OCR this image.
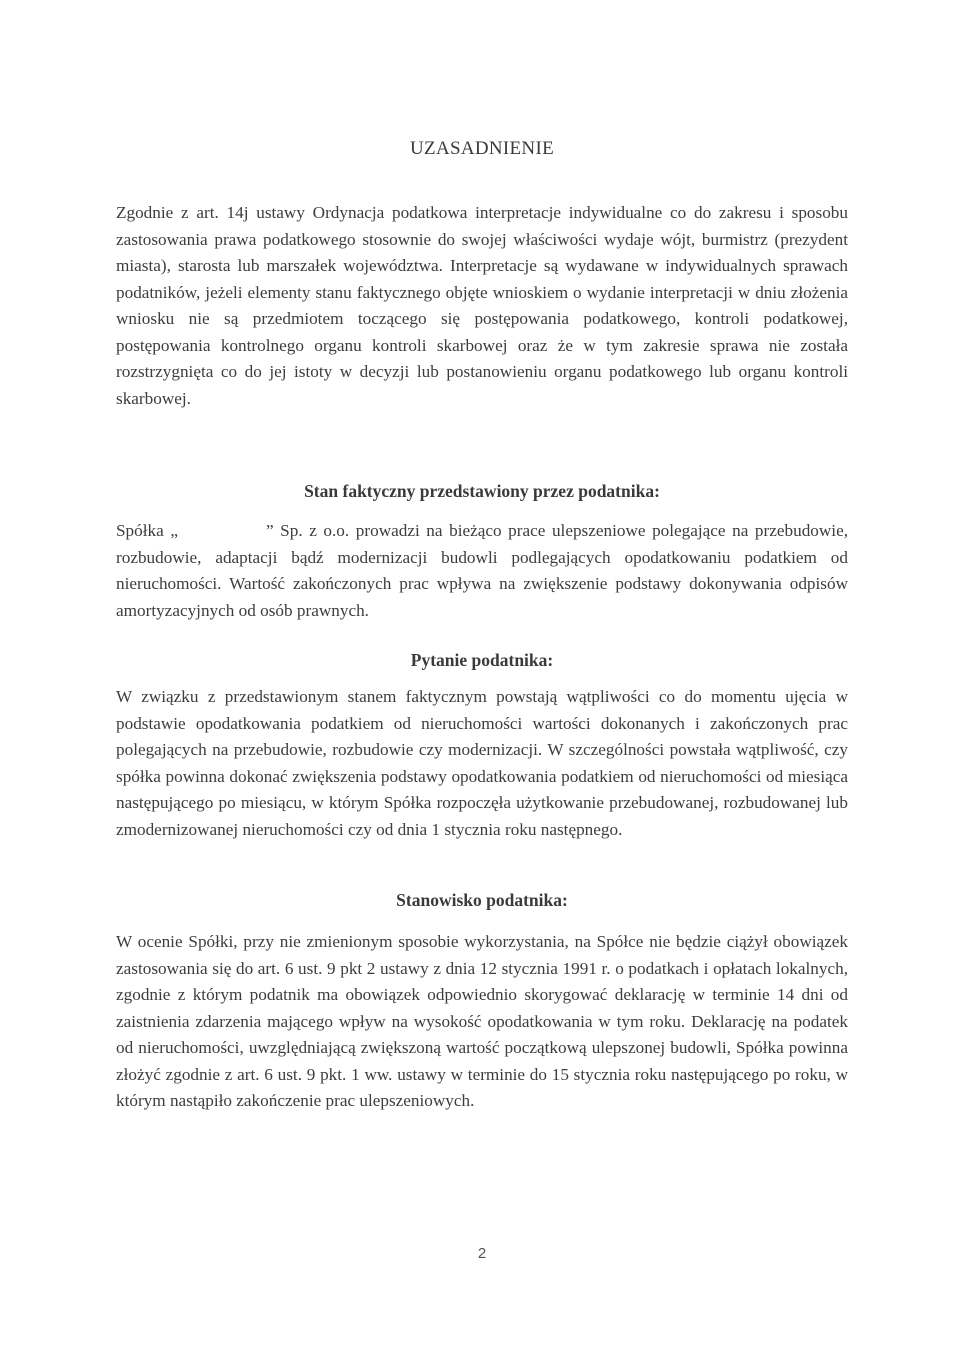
UZASADNIENIE

Zgodnie z art. 14j ustawy Ordynacja podatkowa interpretacje indywidualne co do zakresu i sposobu zastosowania prawa podatkowego stosownie do swojej właściwości wydaje wójt, burmistrz (prezydent miasta), starosta lub marszałek województwa. Interpretacje są wydawane w indywidualnych sprawach podatników, jeżeli elementy stanu faktycznego objęte wnioskiem o wydanie interpretacji w dniu złożenia wniosku nie są przedmiotem toczącego się postępowania podatkowego, kontroli podatkowej, postępowania kontrolnego organu kontroli skarbowej oraz że w tym zakresie sprawa nie została rozstrzygnięta co do jej istoty w decyzji lub postanowieniu organu podatkowego lub organu kontroli skarbowej.

Stan faktyczny przedstawiony przez podatnika:

Spółka „	” Sp. z o.o. prowadzi na bieżąco prace ulepszeniowe polegające na przebudowie, rozbudowie, adaptacji bądź modernizacji budowli podlegających opodatkowaniu podatkiem od nieruchomości. Wartość zakończonych prac wpływa na zwiększenie podstawy dokonywania odpisów amortyzacyjnych od osób prawnych.

Pytanie podatnika:

W związku z przedstawionym stanem faktycznym powstają wątpliwości co do momentu ujęcia w podstawie opodatkowania podatkiem od nieruchomości wartości dokonanych i zakończonych prac polegających na przebudowie, rozbudowie czy modernizacji. W szczególności powstała wątpliwość, czy spółka powinna dokonać zwiększenia podstawy opodatkowania podatkiem od nieruchomości od miesiąca następującego po miesiącu, w którym Spółka rozpoczęła użytkowanie przebudowanej, rozbudowanej lub zmodernizowanej nieruchomości czy od dnia 1 stycznia roku następnego.

Stanowisko podatnika:

W ocenie Spółki, przy nie zmienionym sposobie wykorzystania, na Spółce nie będzie ciążył obowiązek zastosowania się do art. 6 ust. 9 pkt 2 ustawy z dnia 12 stycznia 1991 r. o podatkach i opłatach lokalnych, zgodnie z którym podatnik ma obowiązek odpowiednio skorygować deklarację w terminie 14 dni od zaistnienia zdarzenia mającego wpływ na wysokość opodatkowania w tym roku. Deklarację na podatek od nieruchomości, uwzględniającą zwiększoną wartość początkową ulepszonej budowli, Spółka powinna złożyć zgodnie z art. 6 ust. 9 pkt. 1 ww. ustawy w terminie do 15 stycznia roku następującego po roku, w którym nastąpiło zakończenie prac ulepszeniowych.

2
